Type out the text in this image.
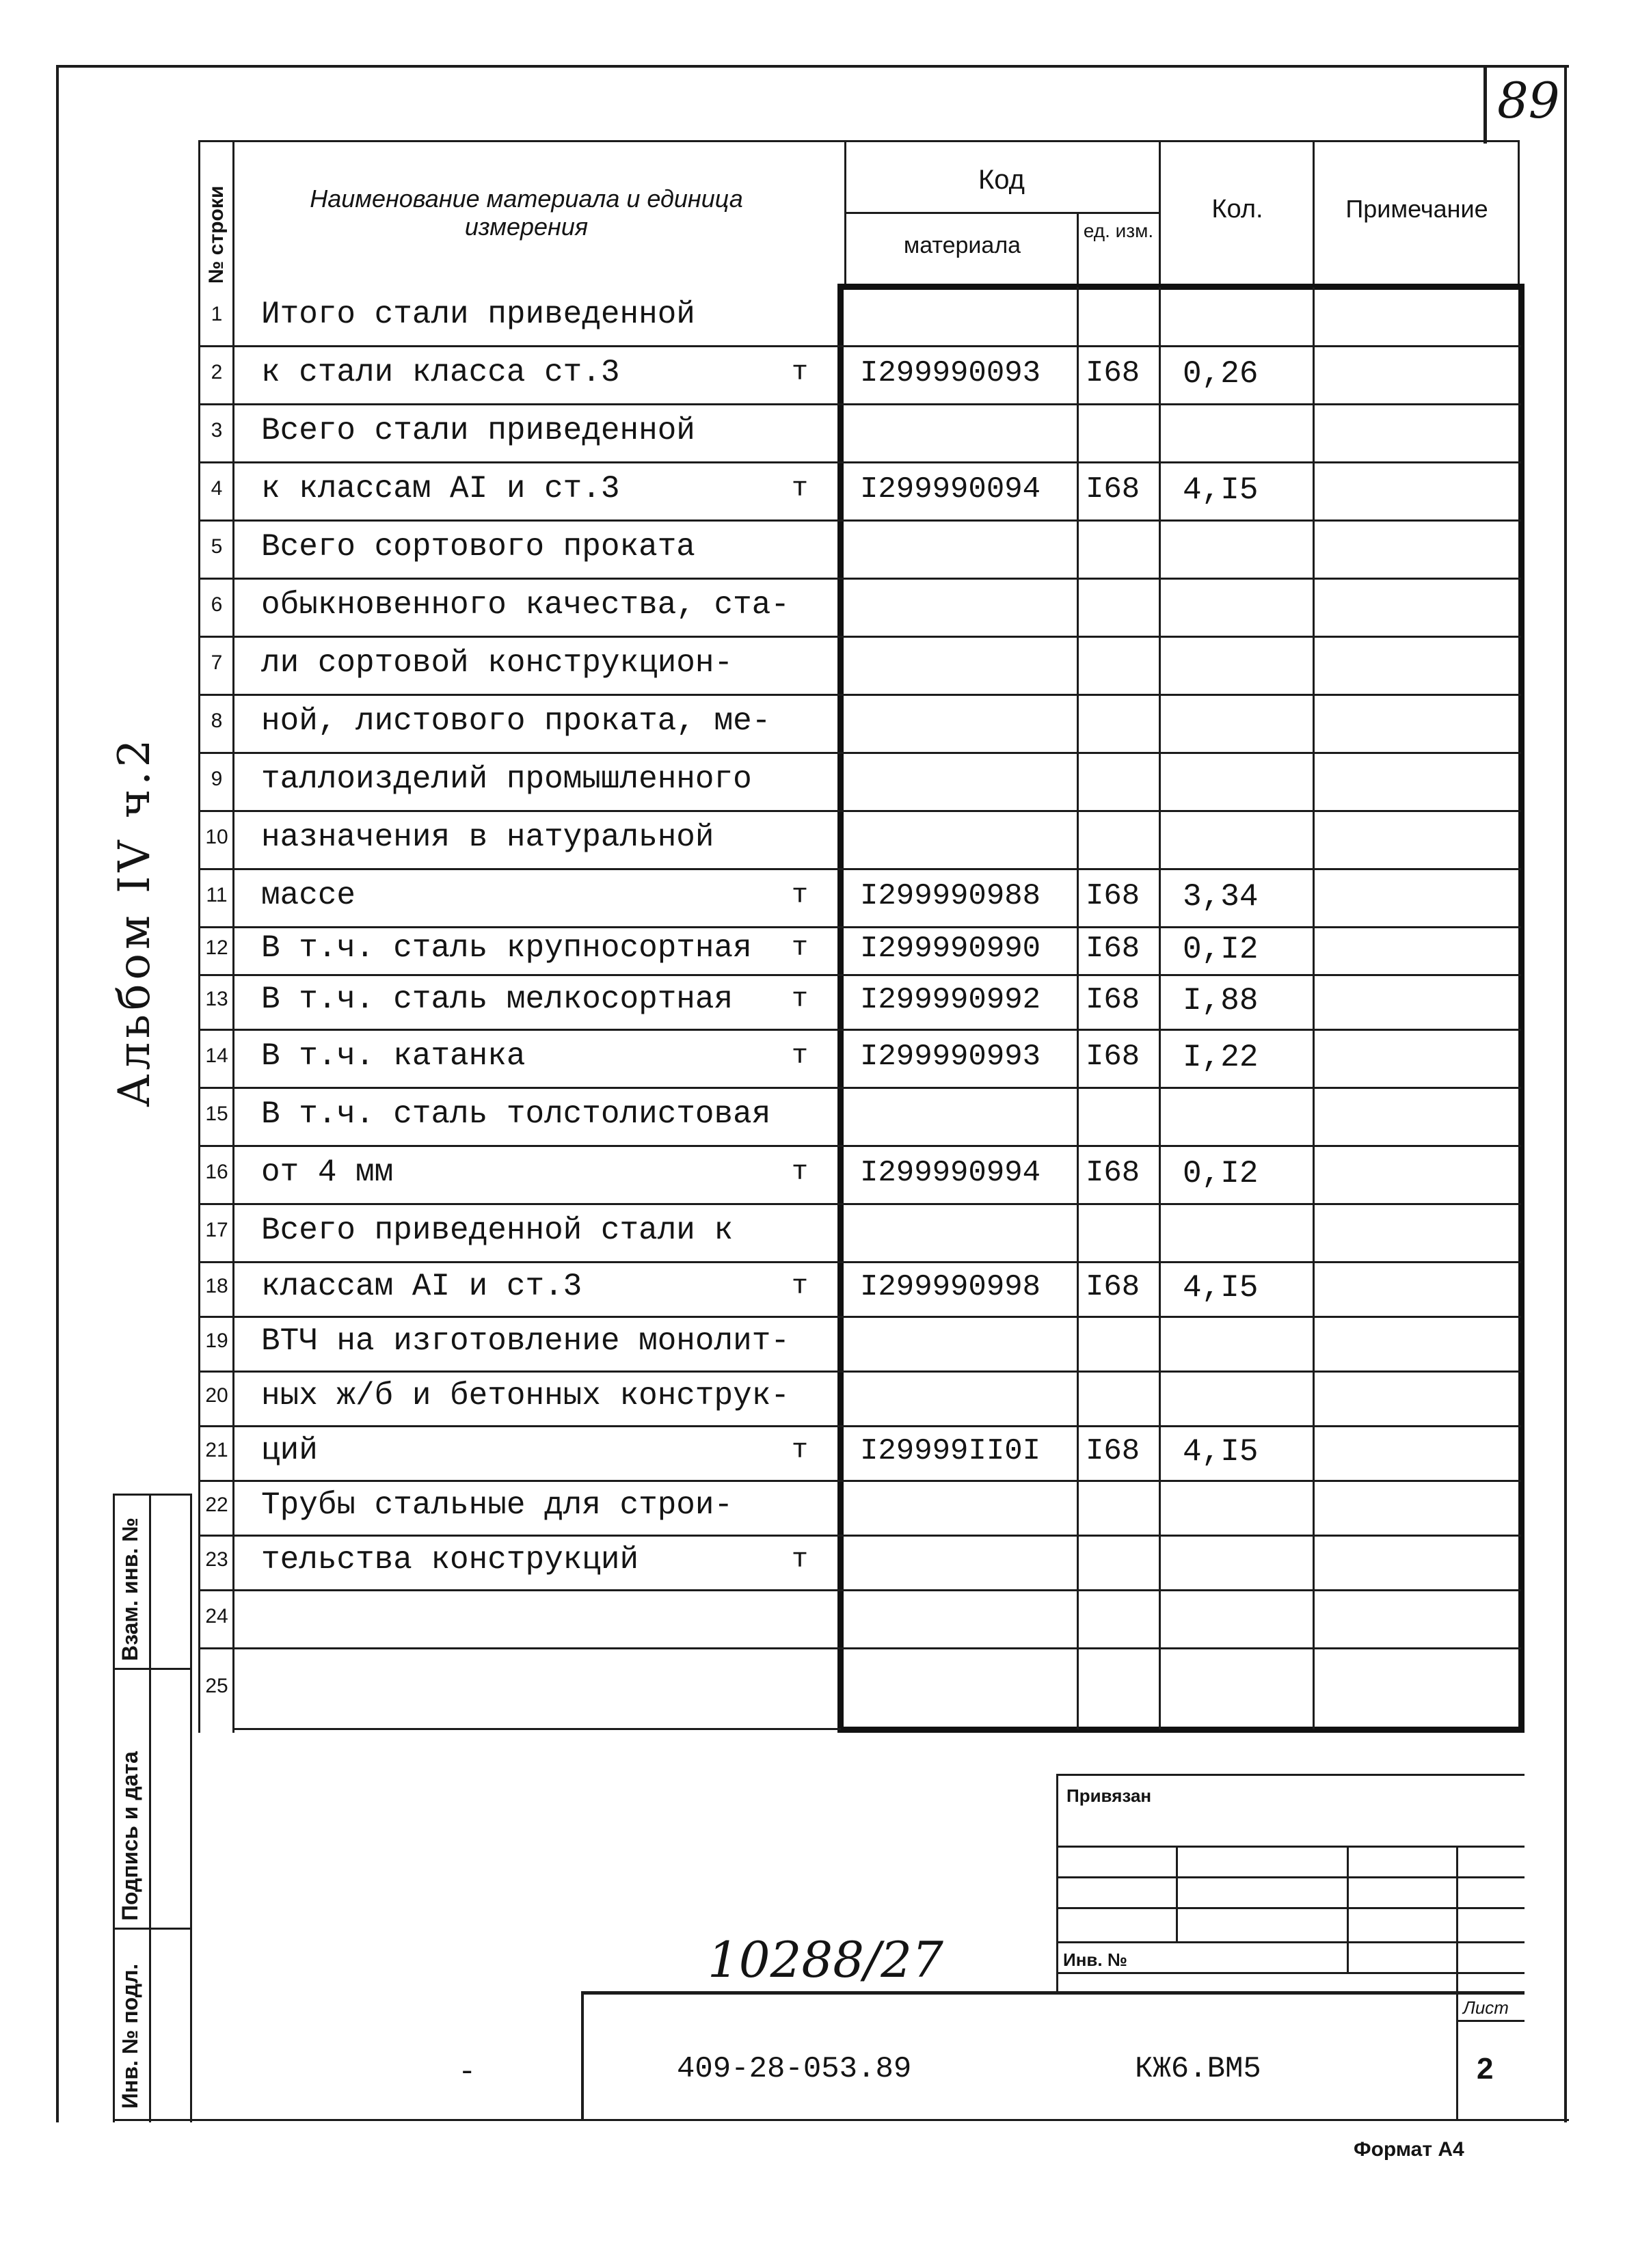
89
№ строки	Наименование материала и единица измерения
Код
материала
ед. изм.
Кол.	Примечание
1 Итого стали приведенной
2 к стали класса ст.3	т I299990093 I68 0,26
3 Всего стали приведенной
4 к классам AI и ст.3	т I299990094 I68 4,I5
5 Всего сортового проката
6 обыкновенного качества, ста-
7 ли сортовой конструкцион-
8 ной, листового проката, ме-
9 таллоизделий промышленного
10 назначения в натуральной
11 массе	т I299990988 I68 3,34
12 В т.ч. сталь крупносортная т I299990990 I68 0,I2
13 В т.ч. сталь мелкосортная т I299990992 I68 I,88
14 В т.ч. катанка	т I299990993 I68 I,22
15 В т.ч. сталь толстолистовая
16 от 4 мм	т I299990994 I68 0,I2
17 Всего приведенной стали к
18 классам AI и ст.3	т I299990998 I68 4,I5
19 ВТЧ на изготовление монолит-
20 ных ж/б и бетонных конструк-
21 ций	т I29999II0I I68 4,I5
22 Трубы стальные для строи-
23 тельства конструкций	т
24
25
Альбом IV ч.2
Взам. инв. №
Подпись и дата
Инв. № подл.
10288/27
Привязан
Инв. №
Лист
2
409-28-053.89	КЖ6.ВМ5
-
Формат А4
